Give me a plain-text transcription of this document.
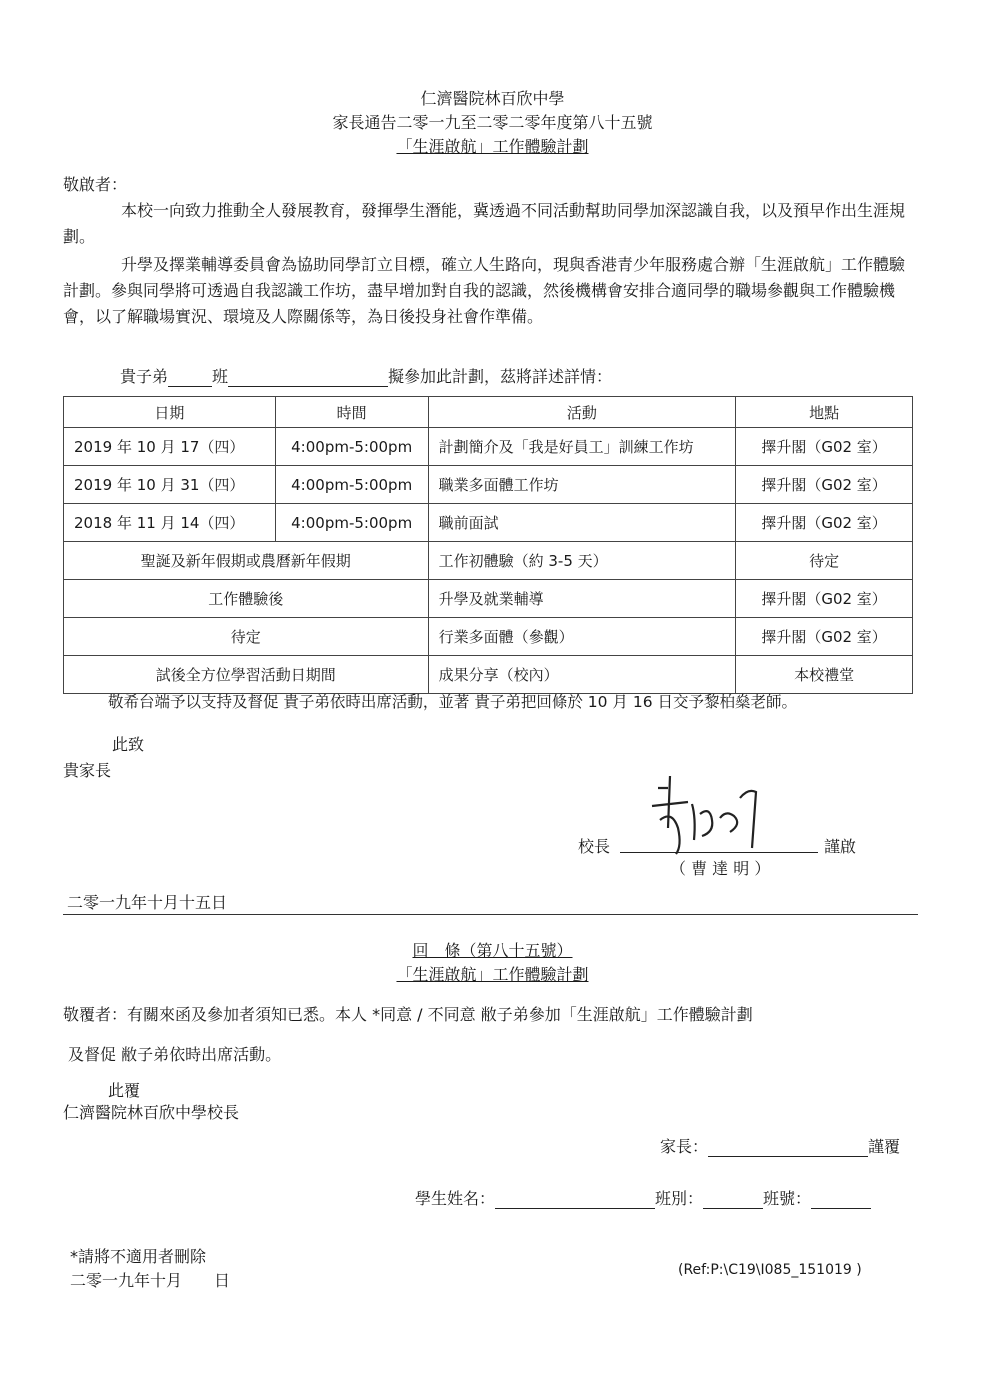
仁濟醫院林百欣中學
家長通告二零一九至二零二零年度第八十五號
「生涯啟航」工作體驗計劃
敬啟者：
本校一向致力推動全人發展教育，發揮學生潛能，冀透過不同活動幫助同學加深認識自我，以及預早作出生涯規劃。
升學及擇業輔導委員會為協助同學訂立目標，確立人生路向，現與香港青少年服務處合辦「生涯啟航」工作體驗計劃。參與同學將可透過自我認識工作坊，盡早增加對自我的認識，然後機構會安排合適同學的職場參觀與工作體驗機會，以了解職場實況、環境及人際關係等，為日後投身社會作準備。
貴子弟	班	擬參加此計劃，茲將詳述詳情：
日期	時間	活動	地點
2019 年 10 月 17（四）	4:00pm-5:00pm	計劃簡介及「我是好員工」訓練工作坊	擇升閣（G02 室）
2019 年 10 月 31（四）	4:00pm-5:00pm	職業多面體工作坊	擇升閣（G02 室）
2018 年 11 月 14（四）	4:00pm-5:00pm	職前面試	擇升閣（G02 室）
聖誕及新年假期或農曆新年假期		工作初體驗（約 3-5 天）	待定
工作體驗後		升學及就業輔導	擇升閣（G02 室）
待定		行業多面體（參觀）	擇升閣（G02 室）
試後全方位學習活動日期間		成果分享（校內）	本校禮堂
敬希台端予以支持及督促 貴子弟依時出席活動，並著 貴子弟把回條於 10 月 16 日交予黎柏燊老師。
此致
貴家長
校長	謹啟
（ 曹 達 明 ）
二零一九年十月十五日
回　條（第八十五號）
「生涯啟航」工作體驗計劃
敬覆者：有關來函及參加者須知已悉。本人 *同意 / 不同意 敝子弟參加「生涯啟航」工作體驗計劃
及督促 敝子弟依時出席活動。
此覆
仁濟醫院林百欣中學校長
家長：	謹覆
學生姓名：	班別：	班號：
*請將不適用者刪除
二零一九年十月　　日
(Ref:P:\C19\I085_151019 )
